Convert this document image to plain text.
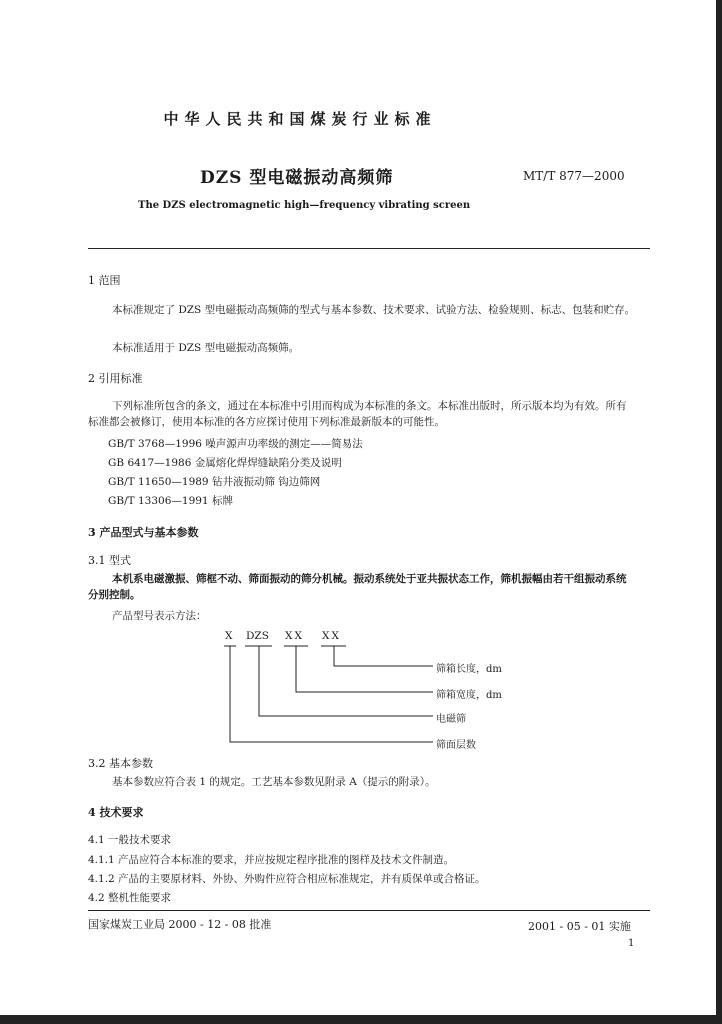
中华人民共和国煤炭行业标准
DZS 型电磁振动高频筛	MT/T 877—2000
The DZS electromagnetic high—frequency vibrating screen
1 范围
本标准规定了 DZS 型电磁振动高频筛的型式与基本参数、技术要求、试验方法、检验规则、标志、包装和贮存。
本标准适用于 DZS 型电磁振动高频筛。
2 引用标准
下列标准所包含的条文，通过在本标准中引用而构成为本标准的条文。本标准出版时，所示版本均为有效。所有标准都会被修订，使用本标准的各方应探讨使用下列标准最新版本的可能性。
GB/T 3768—1996 噪声源声功率级的测定——简易法
GB 6417—1986 金属熔化焊焊缝缺陷分类及说明
GB/T 11650—1989 钻井液振动筛 钩边筛网
GB/T 13306—1991 标牌
3 产品型式与基本参数
3.1 型式
本机系电磁激振、筛框不动、筛面振动的筛分机械。振动系统处于亚共振状态工作，筛机振幅由若干组振动系统分别控制。
产品型号表示方法：
X DZS XX XX
筛箱长度，dm
筛箱宽度，dm
电磁筛
筛面层数
3.2 基本参数
基本参数应符合表 1 的规定。工艺基本参数见附录 A（提示的附录）。
4 技术要求
4.1 一般技术要求
4.1.1 产品应符合本标准的要求，并应按规定程序批准的图样及技术文件制造。
4.1.2 产品的主要原材料、外协、外购件应符合相应标准规定，并有质保单或合格证。
4.2 整机性能要求
国家煤炭工业局 2000 - 12 - 08 批准	2001 - 05 - 01 实施
1
